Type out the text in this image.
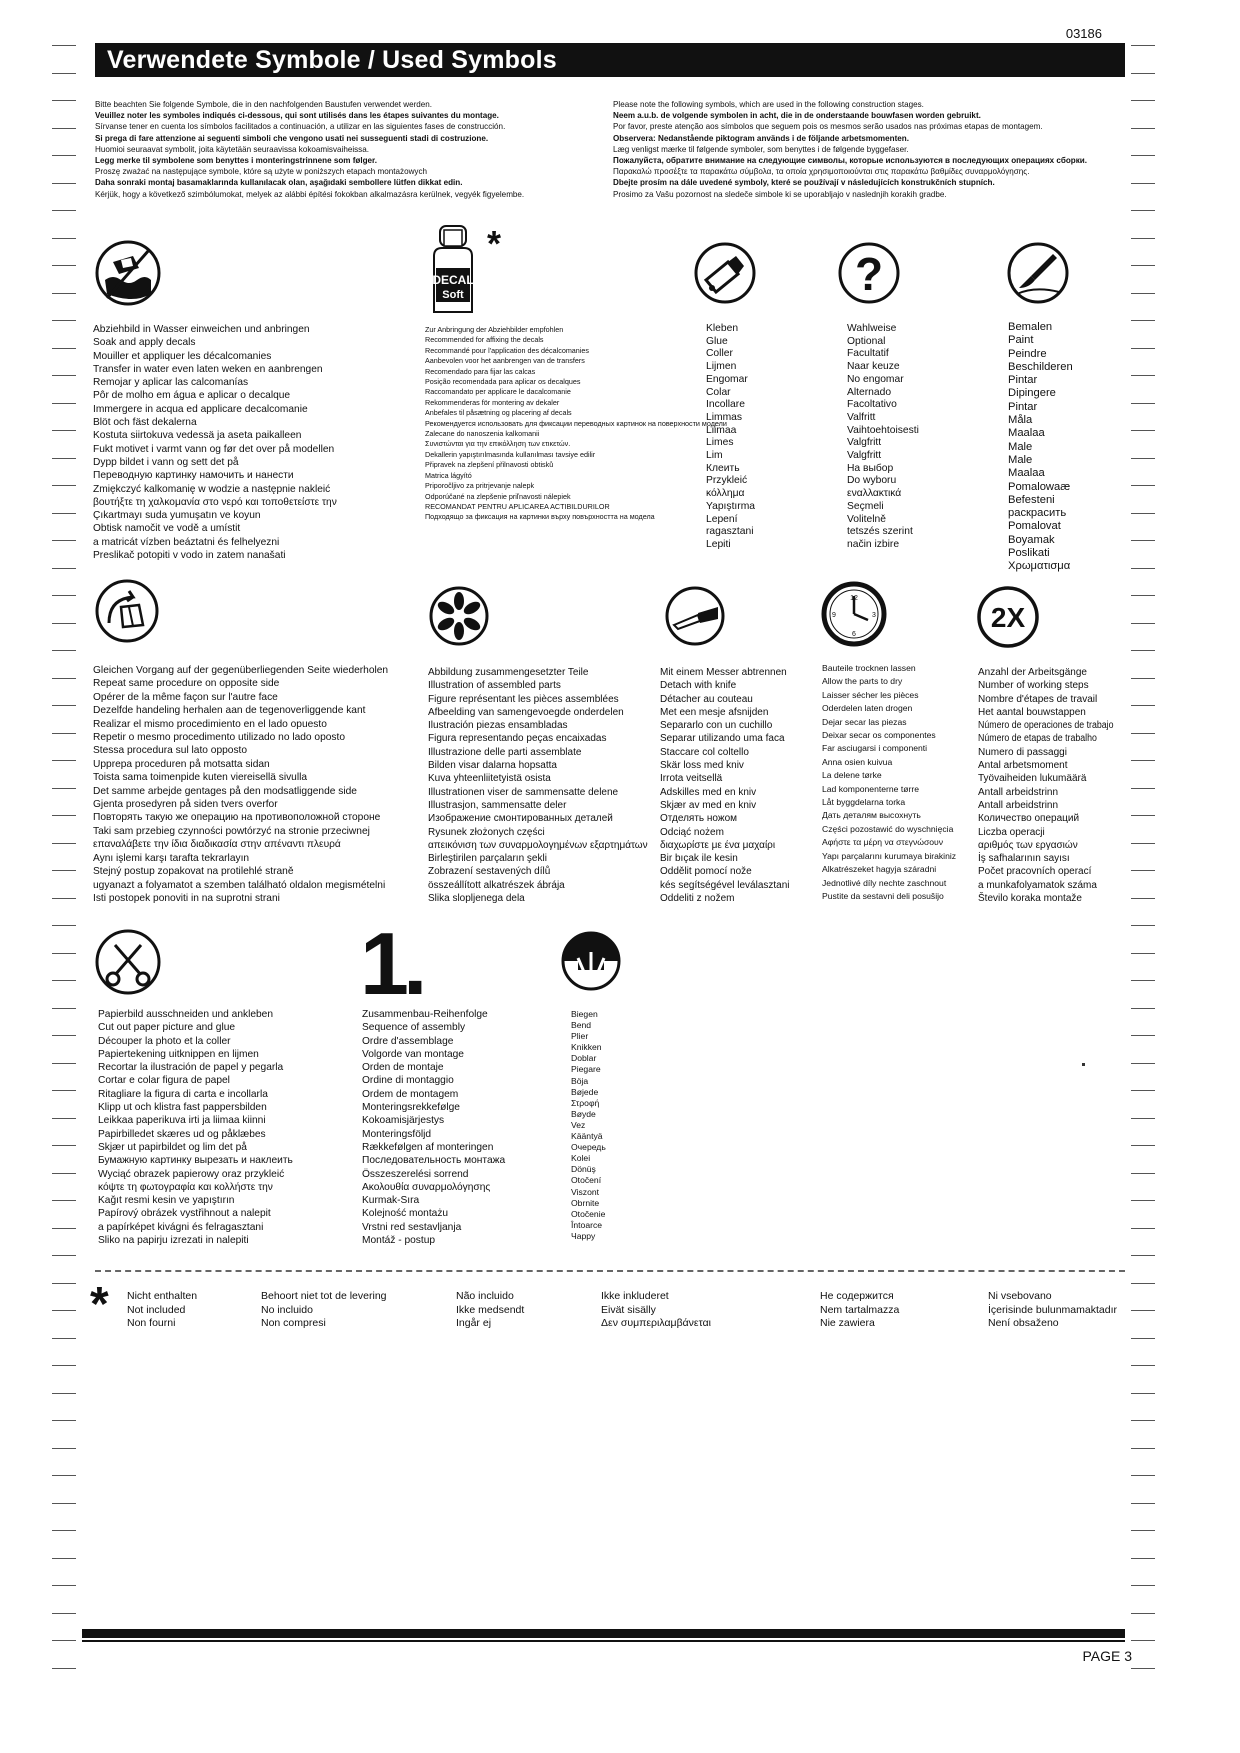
03186
Verwendete Symbole / Used Symbols
Bitte beachten Sie folgende Symbole, die in den nachfolgenden Baustufen verwendet werden.
Veuillez noter les symboles indiqués ci-dessous, qui sont utilisés dans les étapes suivantes du montage.
Sírvanse tener en cuenta los símbolos facilitados a continuación, a utilizar en las siguientes fases de construcción.
Si prega di fare attenzione ai seguenti simboli che vengono usati nei susseguenti stadi di costruzione.
Huomioi seuraavat symbolit, joita käytetään seuraavissa kokoamisvaiheissa.
Legg merke til symbolene som benyttes i monteringstrinnene som følger.
Proszę zważać na następujące symbole, które są użyte w poniższych etapach montażowych
Daha sonraki montaj basamaklarında kullanılacak olan, aşağıdaki sembollere lütfen dikkat edin.
Kérjük, hogy a következő szimbólumokat, melyek az alábbi építési fokokban alkalmazásra kerülnek, vegyék figyelembe.
Please note the following symbols, which are used in the following construction stages.
Neem a.u.b. de volgende symbolen in acht, die in de onderstaande bouwfasen worden gebruikt.
Por favor, preste atenção aos símbolos que seguem pois os mesmos serão usados nas próximas etapas de montagem.
Observera: Nedanstående piktogram används i de följande arbetsmomenten.
Læg venligst mærke til følgende symboler, som benyttes i de følgende byggefaser.
Пожалуйста, обратите внимание на следующие символы, которые используются в последующих операциях сборки.
Παρακαλώ προσέξτε τα παρακάτω σύμβολα, τα οποία χρησιμοποιούνται στις παρακάτω βαθμίδες συναρμολόγησης.
Dbejte prosím na dále uvedené symboly, které se používají v následujících konstrukčních stupních.
Prosimo za Vašu pozornost na sledeče simbole ki se uporabljajo v naslednjih korakih gradbe.
DECAL
Soft
*
?
Abziehbild in Wasser einweichen und anbringen
Soak and apply decals
Mouiller et appliquer les décalcomanies
Transfer in water even laten weken en aanbrengen
Remojar y aplicar las calcomanías
Pôr de molho em água e aplicar o decalque
Immergere in acqua ed applicare decalcomanie
Blöt och fäst dekalerna
Kostuta siirtokuva vedessä ja aseta paikalleen
Fukt motivet i varmt vann og før det over på modellen
Dypp bildet i vann og sett det på
Переводную картинку намочить и нанести
Zmiękczyć kalkomanię w wodzie a następnie nakleić
βουτήξτε τη χαλκομανία στο νερό και τοποθετείστε την
Çıkartmayı suda yumuşatın ve koyun
Obtisk namočit ve vodě a umístit
a matricát vízben beáztatni és felhelyezni
Preslikač potopiti v vodo in zatem nanašati
Zur Anbringung der Abziehbilder empfohlen
Recommended for affixing the decals
Recommandé pour l'application des décalcomanies
Aanbevolen voor het aanbrengen van de transfers
Recomendado para fijar las calcas
Posição recomendada para aplicar os decalques
Raccomandato per applicare le dacalcomanie
Rekommenderas för montering av dekaler
Anbefales til påsætning og placering af decals
Рекомендуется использовать для фиксации переводных картинок на поверхности модели
Zalecane do nanoszenia kalkomanii
Συνιστώνται για την επικόλληση των ετικετών.
Dekallerin yapıştırılmasında kullanılması tavsiye edilir
Připravek na zlepšení přilnavosti obtisků
Matrica lágyító
Priporočljivo za pritrjevanje nalepk
Odporúčané na zlepšenie priľnavosti nálepiek
RECOMANDAT PENTRU APLICAREA ACTIBILDURILOR
Подходящо за фиксация на картинки върху повърхността на модела
Kleben
Glue
Coller
Lijmen
Engomar
Colar
Incollare
Limmas
Liimaa
Limes
Lim
Клеить
Przykleić
κόλλημα
Yapıştırma
Lepení
ragasztani
Lepiti
Wahlweise
Optional
Facultatif
Naar keuze
No engomar
Alternado
Facoltativo
Valfritt
Vaihtoehtoisesti
Valgfritt
Valgfritt
На выбор
Do wyboru
εναλλακτικά
Seçmeli
Volitelně
tetszés szerint
način izbire
Bemalen
Paint
Peindre
Beschilderen
Pintar
Dipingere
Pintar
Måla
Maalaa
Male
Male
Maalaa
Pomalowaæ
Befesteni
раскрасить
Pomalovat
Boyamak
Poslikati
Χρωματισμα
12
3
6
9	2X
Gleichen Vorgang auf der gegenüberliegenden Seite wiederholen
Repeat same procedure on opposite side
Opérer de la même façon sur l'autre face
Dezelfde handeling herhalen aan de tegenoverliggende kant
Realizar el mismo procedimiento en el lado opuesto
Repetir o mesmo procedimento utilizado no lado oposto
Stessa procedura sul lato opposto
Upprepa proceduren på motsatta sidan
Toista sama toimenpide kuten viereisellä sivulla
Det samme arbejde gentages på den modsatliggende side
Gjenta prosedyren på siden tvers overfor
Повторять такую же операцию на противоположной стороне
Taki sam przebieg czynności powtórzyć na stronie przeciwnej
επαναλάβετε την ίδια διαδικασία στην απέναντι πλευρά
Aynı işlemi karşı tarafta tekrarlayın
Stejný postup zopakovat na protilehlé straně
ugyanazt a folyamatot a szemben található oldalon megismételni
Isti postopek ponoviti in na suprotni strani
Abbildung zusammengesetzter Teile
Illustration of assembled parts
Figure représentant les pièces assemblées
Afbeelding van samengevoegde onderdelen
Ilustración piezas ensambladas
Figura representando peças encaixadas
Illustrazione delle parti assemblate
Bilden visar dalarna hopsatta
Kuva yhteenliitetyistä osista
Illustrationen viser de sammensatte delene
Illustrasjon, sammensatte deler
Изображение смонтированных деталей
Rysunek złożonych części
απεικόνιση των συναρμολογημένων εξαρτημάτων
Birleştirilen parçaların şekli
Zobrazení sestavených dílů
összeállított alkatrészek ábrája
Slika slopljenega dela
Mit einem Messer abtrennen
Detach with knife
Détacher au couteau
Met een mesje afsnijden
Separarlo con un cuchillo
Separar utilizando uma faca
Staccare col coltello
Skär loss med kniv
Irrota veitsellä
Adskilles med en kniv
Skjær av med en kniv
Отделять ножом
Odciąć nożem
διαχωρίστε με ένα μαχαίρι
Bir bıçak ile kesin
Oddělit pomocí nože
kés segítségével leválasztani
Oddeliti z nožem
Bauteile trocknen lassen
Allow the parts to dry
Laisser sécher les pièces
Oderdelen laten drogen
Dejar secar las piezas
Deixar secar os componentes
Far asciugarsi i componenti
Anna osien kuivua
La delene tørke
Lad komponenterne tørre
Låt byggdelarna torka
Дать деталям высохнуть
Części pozostawić do wyschnięcia
Αφήστε τα μέρη να στεγνώσουν
Yapı parçalarını kurumaya birakiniz
Alkatrészeket hagyja száradni
Jednotlivé díly nechte zaschnout
Pustite da sestavni deli posušijo
Anzahl der Arbeitsgänge
Number of working steps
Nombre d'étapes de travail
Het aantal bouwstappen
Número de operaciones de trabajo
Número de etapas de trabalho
Numero di passaggi
Antal arbetsmoment
Työvaiheiden lukumäärä
Antall arbeidstrinn
Antall arbeidstrinn
Количество операций
Liczba operacji
αριθμός των εργασιών
İş safhalarının sayısı
Počet pracovních operací
a munkafolyamatok száma
Število koraka montaže
1.
Papierbild ausschneiden und ankleben
Cut out paper picture and glue
Découper la photo et la coller
Papiertekening uitknippen en lijmen
Recortar la ilustración de papel y pegarla
Cortar e colar figura de papel
Ritagliare la figura di carta e incollarla
Klipp ut och klistra fast pappersbilden
Leikkaa paperikuva irti ja liimaa kiinni
Papirbilledet skæres ud og påklæbes
Skjær ut papirbildet og lim det på
Бумажную картинку вырезать и наклеить
Wyciąć obrazek papierowy oraz przykleić
κόψτε τη φωτογραφία και κολλήστε την
Kağıt resmi kesin ve yapıştırın
Papírový obrázek vystřihnout a nalepit
a papírképet kivágni és felragasztani
Sliko na papirju izrezati in nalepiti
Zusammenbau-Reihenfolge
Sequence of assembly
Ordre d'assemblage
Volgorde van montage
Orden de montaje
Ordine di montaggio
Ordem de montagem
Monteringsrekkefølge
Kokoamisjärjestys
Monteringsföljd
Rækkefølgen af monteringen
Последовательность монтажа
Összeszerelési sorrend
Ακολουθία συναρμολόγησης
Kurmak-Sıra
Kolejność montażu
Vrstni red sestavljanja
Montáž - postup
Biegen
Bend
Plier
Knikken
Doblar
Piegare
Böja
Bøjede
Στροφή
Bøyde
Vez
Kääntyä
Очередь
Kolei
Dönüş
Otočení
Viszont
Obrnite
Otočenie
Întoarce
Чарру
* Nicht enthalten
Not included
Non fourni
Behoort niet tot de levering
No incluido
Non compresi
Não incluido
Ikke medsendt
Ingår ej
Ikke inkluderet
Eivät sisälly
Δεν συμπεριλαμβάνεται
Не содержится
Nem tartalmazza
Nie zawiera
Ni vsebovano
İçerisinde bulunmamaktadır
Není obsaženo
PAGE 3
